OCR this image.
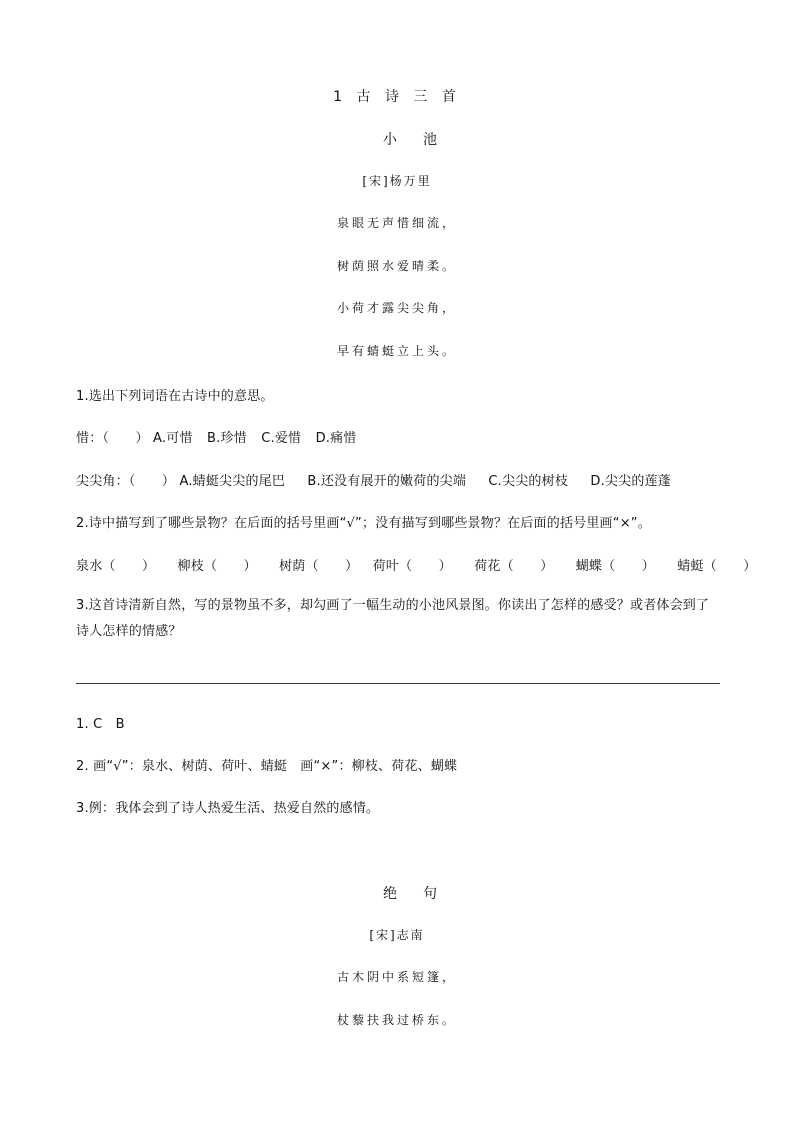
1 古 诗 三 首
小池
[宋]杨万里
泉眼无声惜细流，
树荫照水爱晴柔。
小荷才露尖尖角，
早有蜻蜓立上头。
1.选出下列词语在古诗中的意思。
惜：（　　） A.可惜 B.珍惜 C.爱惜 D.痛惜
尖尖角：（　　） A.蜻蜓尖尖的尾巴 B.还没有展开的嫩荷的尖端 C.尖尖的树枝 D.尖尖的莲蓬
2.诗中描写到了哪些景物？在后面的括号里画“√”；没有描写到哪些景物？在后面的括号里画“×”。
泉水（　　） 柳枝（　　） 树荫（　　） 荷叶（　　） 荷花（　　） 蝴蝶（　　） 蜻蜓（　　）
3.这首诗清新自然，写的景物虽不多，却勾画了一幅生动的小池风景图。你读出了怎样的感受？或者体会到了诗人怎样的情感？
1. C　B
2. 画“√”：泉水、树荫、荷叶、蜻蜓　画“×”：柳枝、荷花、蝴蝶
3.例：我体会到了诗人热爱生活、热爱自然的感情。
绝句
[宋]志南
古木阴中系短篷，
杖藜扶我过桥东。
